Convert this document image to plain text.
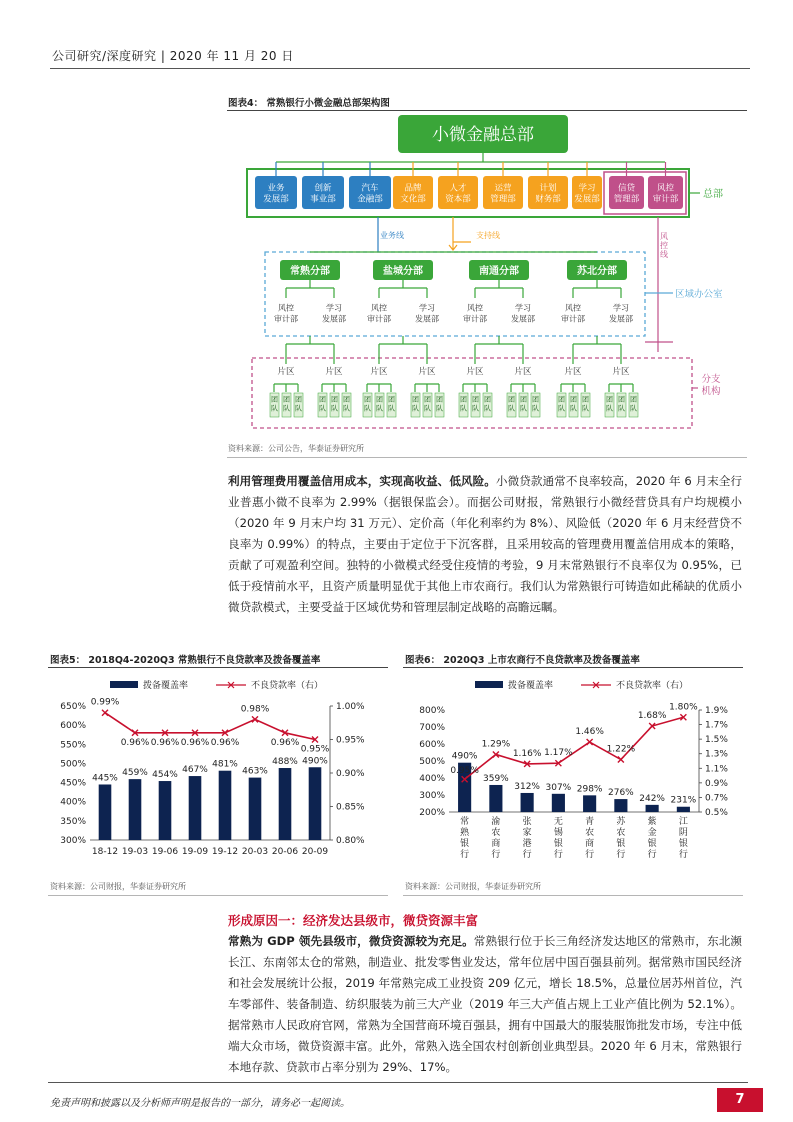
公司研究/深度研究 | 2020 年 11 月 20 日
图表4： 常熟银行小微金融总部架构图
小微金融总部
总部
业务发展部
创新事业部
汽车金融部
品牌文化部
人才资本部
运营管理部
计划财务部
学习发展部
信贷管理部
风控审计部
业务线	支持线	风控线
区域办公室
常熟分部
风控审计部
学习发展部
盐城分部
风控审计部
学习发展部
南通分部
风控审计部
学习发展部
苏北分部
风控审计部
学习发展部
分支机构
片区
团队
团队
团队
片区
团队
团队
团队
片区
团队
团队
团队
片区
团队
团队
团队
片区
团队
团队
团队
片区
团队
团队
团队
片区
团队
团队
团队
片区
团队
团队
团队
资料来源：公司公告，华泰证券研究所
利用管理费用覆盖信用成本，实现高收益、低风险。小微贷款通常不良率较高，2020 年 6 月末全行业普惠小微不良率为 2.99%（据银保监会）。而据公司财报，常熟银行小微经营贷具有户均规模小（2020 年 9 月末户均 31 万元）、定价高（年化利率约为 8%）、风险低（2020 年 6 月末经营贷不良率为 0.99%）的特点，主要由于定位于下沉客群，且采用较高的管理费用覆盖信用成本的策略，贡献了可观盈利空间。独特的小微模式经受住疫情的考验，9 月末常熟银行不良率仅为 0.95%，已低于疫情前水平，且资产质量明显优于其他上市农商行。我们认为常熟银行可铸造如此稀缺的优质小微贷款模式，主要受益于区域优势和管理层制定战略的高瞻远瞩。
图表5： 2018Q4-2020Q3 常熟银行不良贷款率及拨备覆盖率
拨备覆盖率	不良贷款率（右）
300%
350%
400%
450%
500%
550%
600%
650%
0.80%
0.85%
0.90%
0.95%
1.00%
445%
459% 454% 467%
481%
463%
488% 490%
0.99%
0.96% 0.96% 0.96% 0.96%
0.98%
0.96%
0.95%
18-12 19-03 19-06 19-09 19-12 20-03 20-06 20-09
资料来源：公司财报，华泰证券研究所
图表6： 2020Q3 上市农商行不良贷款率及拨备覆盖率
拨备覆盖率	不良贷款率（右）
200%
300%
400%
500%
600%
700%
800%
0.5%
0.7%
0.9%
1.1%
1.3%
1.5%
1.7%
1.9%
490%
359%
312% 307% 298% 276%
242% 231%
0.95%
1.29%
1.16% 1.17%
1.46%
1.22%
1.68%
1.80%
常熟银行
渝农商行
张家港行
无锡银行
青农商行
苏农银行
紫金银行
江阴银行
资料来源：公司财报，华泰证券研究所
形成原因一：经济发达县级市，微贷资源丰富
常熟为 GDP 领先县级市，微贷资源较为充足。常熟银行位于长三角经济发达地区的常熟市，东北濒长江、东南邻太仓的常熟，制造业、批发零售业发达，常年位居中国百强县前列。据常熟市国民经济和社会发展统计公报，2019 年常熟完成工业投资 209 亿元，增长 18.5%，总量位居苏州首位，汽车零部件、装备制造、纺织服装为前三大产业（2019 年三大产值占规上工业产值比例为 52.1%）。据常熟市人民政府官网，常熟为全国营商环境百强县，拥有中国最大的服装服饰批发市场，专注中低端大众市场，微贷资源丰富。此外，常熟入选全国农村创新创业典型县。2020 年 6 月末，常熟银行本地存款、贷款市占率分别为 29%、17%。
免责声明和披露以及分析师声明是报告的一部分，请务必一起阅读。	7
